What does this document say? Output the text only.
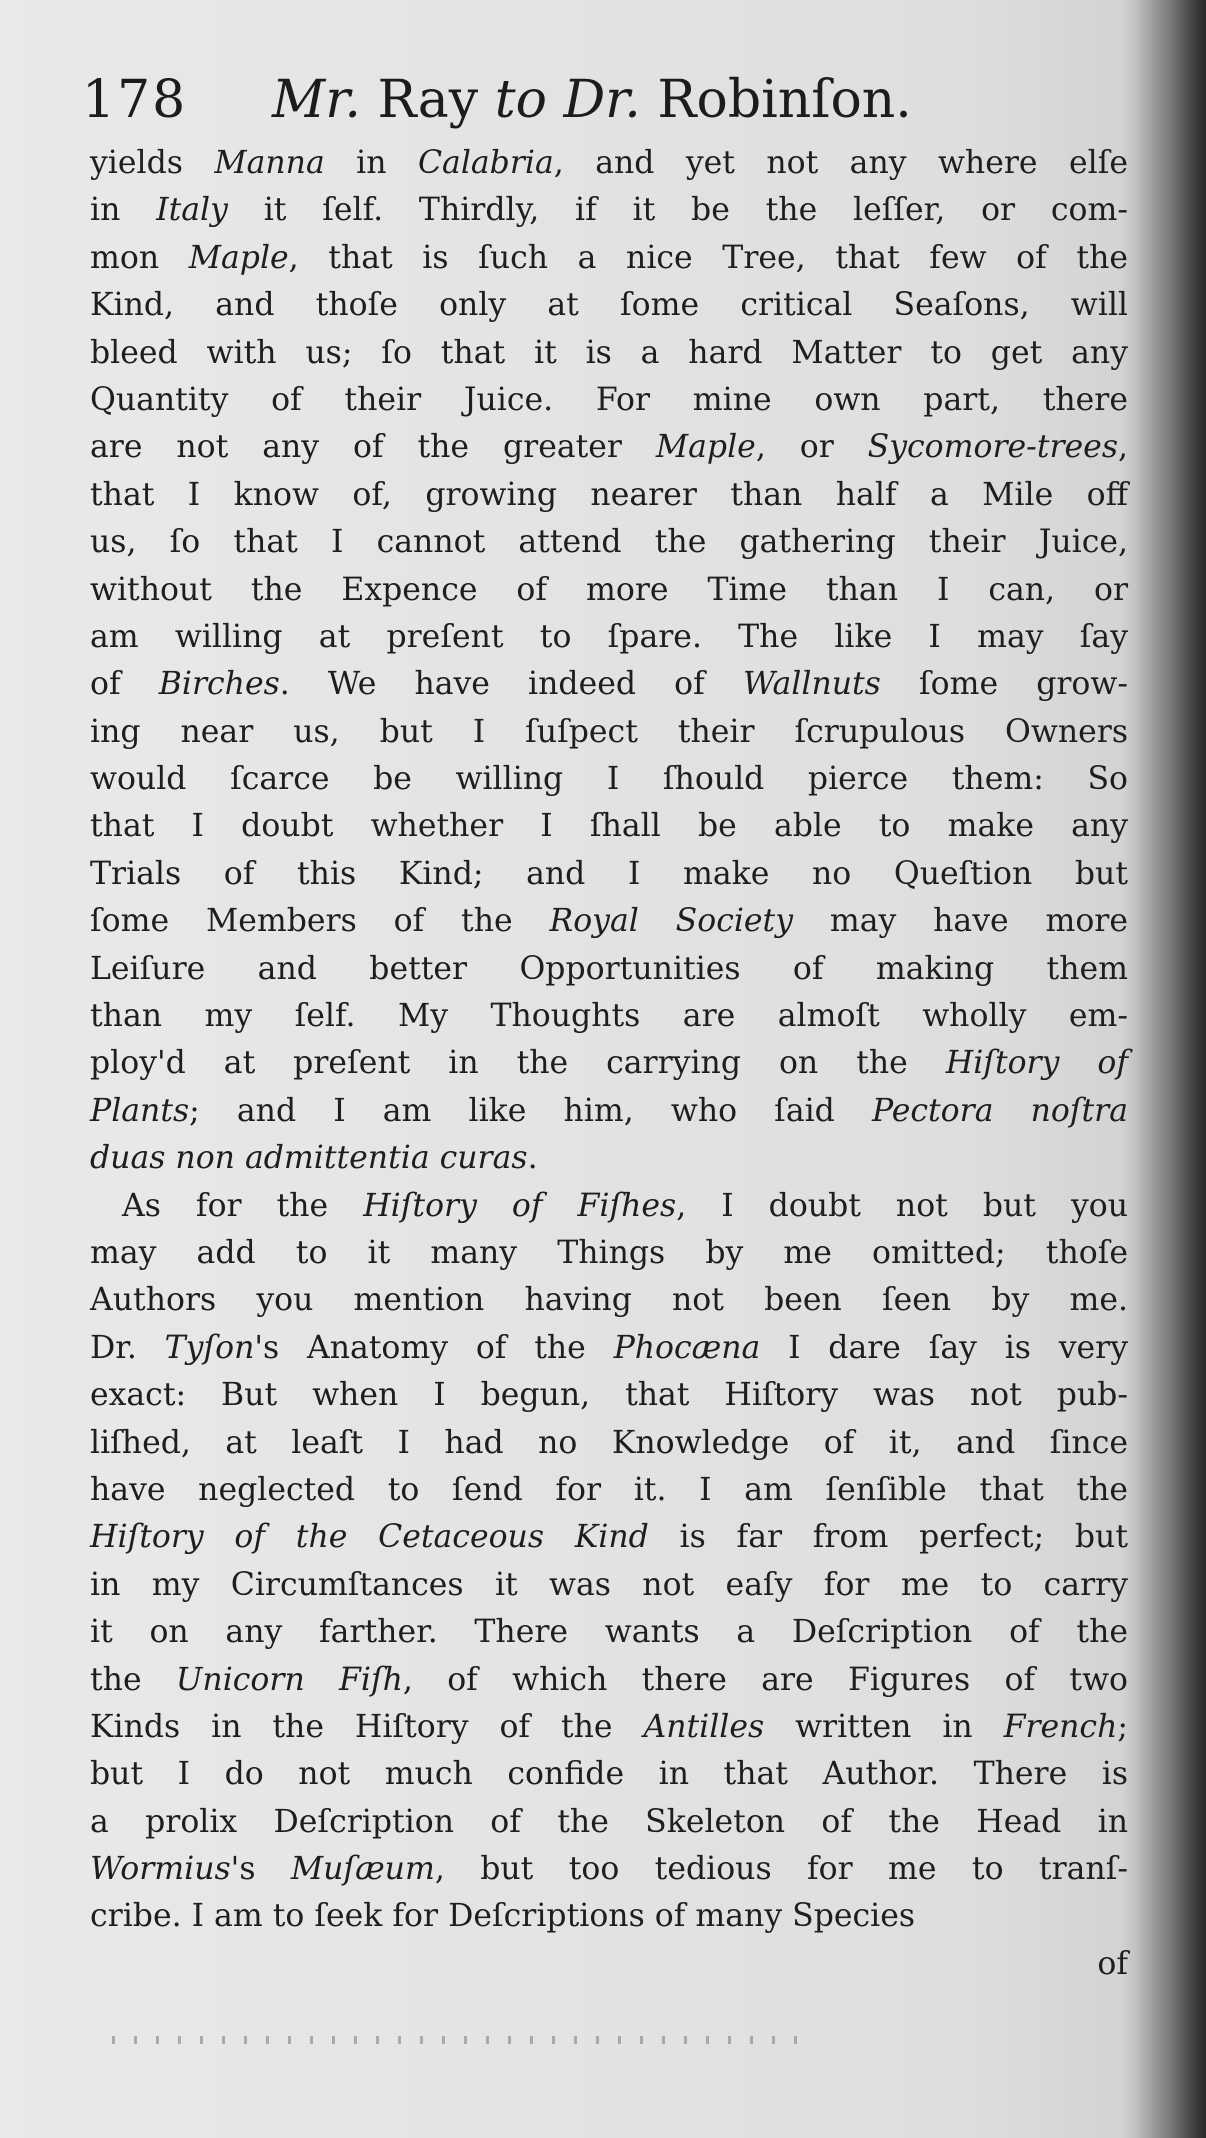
178 Mr. Ray to Dr. Robinſon.
yields Manna in Calabria, and yet not any where elſe
in Italy it ſelf. Thirdly, if it be the leſſer, or com-
mon Maple, that is ſuch a nice Tree, that few of the
Kind, and thoſe only at ſome critical Seaſons, will
bleed with us; ſo that it is a hard Matter to get any
Quantity of their Juice. For mine own part, there
are not any of the greater Maple, or Sycomore-trees,
that I know of, growing nearer than half a Mile off
us, ſo that I cannot attend the gathering their Juice,
without the Expence of more Time than I can, or
am willing at preſent to ſpare. The like I may ſay
of Birches. We have indeed of Wallnuts ſome grow-
ing near us, but I ſuſpect their ſcrupulous Owners
would ſcarce be willing I ſhould pierce them: So
that I doubt whether I ſhall be able to make any
Trials of this Kind; and I make no Queſtion but
ſome Members of the Royal Society may have more
Leiſure and better Opportunities of making them
than my ſelf. My Thoughts are almoſt wholly em-
ploy'd at preſent in the carrying on the Hiſtory of
Plants; and I am like him, who ſaid Pectora noſtra
duas non admittentia curas.
As for the Hiſtory of Fiſhes, I doubt not but you
may add to it many Things by me omitted; thoſe
Authors you mention having not been ſeen by me.
Dr. Tyſon's Anatomy of the Phocæna I dare ſay is very
exact: But when I begun, that Hiſtory was not pub-
liſhed, at leaſt I had no Knowledge of it, and ſince
have neglected to ſend for it. I am ſenſible that the
Hiſtory of the Cetaceous Kind is far from perfect; but
in my Circumſtances it was not eaſy for me to carry
it on any farther. There wants a Deſcription of the
the Unicorn Fiſh, of which there are Figures of two
Kinds in the Hiſtory of the Antilles written in French;
but I do not much confide in that Author. There is
a prolix Deſcription of the Skeleton of the Head in
Wormius's Muſæum, but too tedious for me to tranſ-
cribe. I am to ſeek for Deſcriptions of many Species
of
